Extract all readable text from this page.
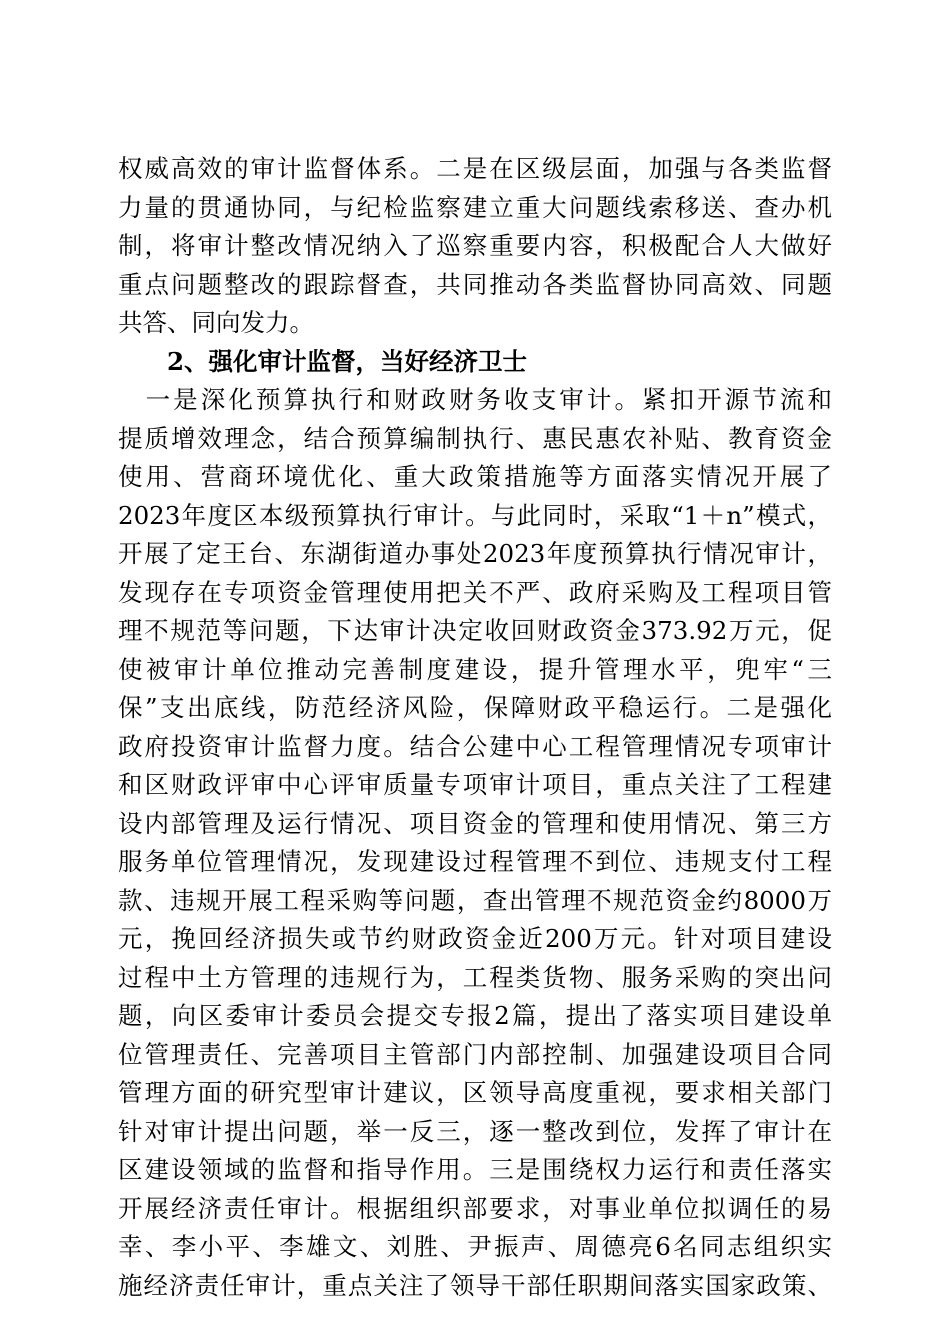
权威高效的审计监督体系。二是在区级层面，加强与各类监督
力量的贯通协同，与纪检监察建立重大问题线索移送、查办机
制，将审计整改情况纳入了巡察重要内容，积极配合人大做好
重点问题整改的跟踪督查，共同推动各类监督协同高效、同题
共答、同向发力。
2、强化审计监督，当好经济卫士
　一是深化预算执行和财政财务收支审计。紧扣开源节流和
提质增效理念，结合预算编制执行、惠民惠农补贴、教育资金
使用、营商环境优化、重大政策措施等方面落实情况开展了
2023年度区本级预算执行审计。与此同时，采取“1＋n”模式，
开展了定王台、东湖街道办事处2023年度预算执行情况审计，
发现存在专项资金管理使用把关不严、政府采购及工程项目管
理不规范等问题，下达审计决定收回财政资金373.92万元，促
使被审计单位推动完善制度建设，提升管理水平，兜牢“三
保”支出底线，防范经济风险，保障财政平稳运行。二是强化
政府投资审计监督力度。结合公建中心工程管理情况专项审计
和区财政评审中心评审质量专项审计项目，重点关注了工程建
设内部管理及运行情况、项目资金的管理和使用情况、第三方
服务单位管理情况，发现建设过程管理不到位、违规支付工程
款、违规开展工程采购等问题，查出管理不规范资金约8000万
元，挽回经济损失或节约财政资金近200万元。针对项目建设
过程中土方管理的违规行为，工程类货物、服务采购的突出问
题，向区委审计委员会提交专报2篇，提出了落实项目建设单
位管理责任、完善项目主管部门内部控制、加强建设项目合同
管理方面的研究型审计建议，区领导高度重视，要求相关部门
针对审计提出问题，举一反三，逐一整改到位，发挥了审计在
区建设领域的监督和指导作用。三是围绕权力运行和责任落实
开展经济责任审计。根据组织部要求，对事业单位拟调任的易
幸、李小平、李雄文、刘胜、尹振声、周德亮6名同志组织实
施经济责任审计，重点关注了领导干部任职期间落实国家政策、
